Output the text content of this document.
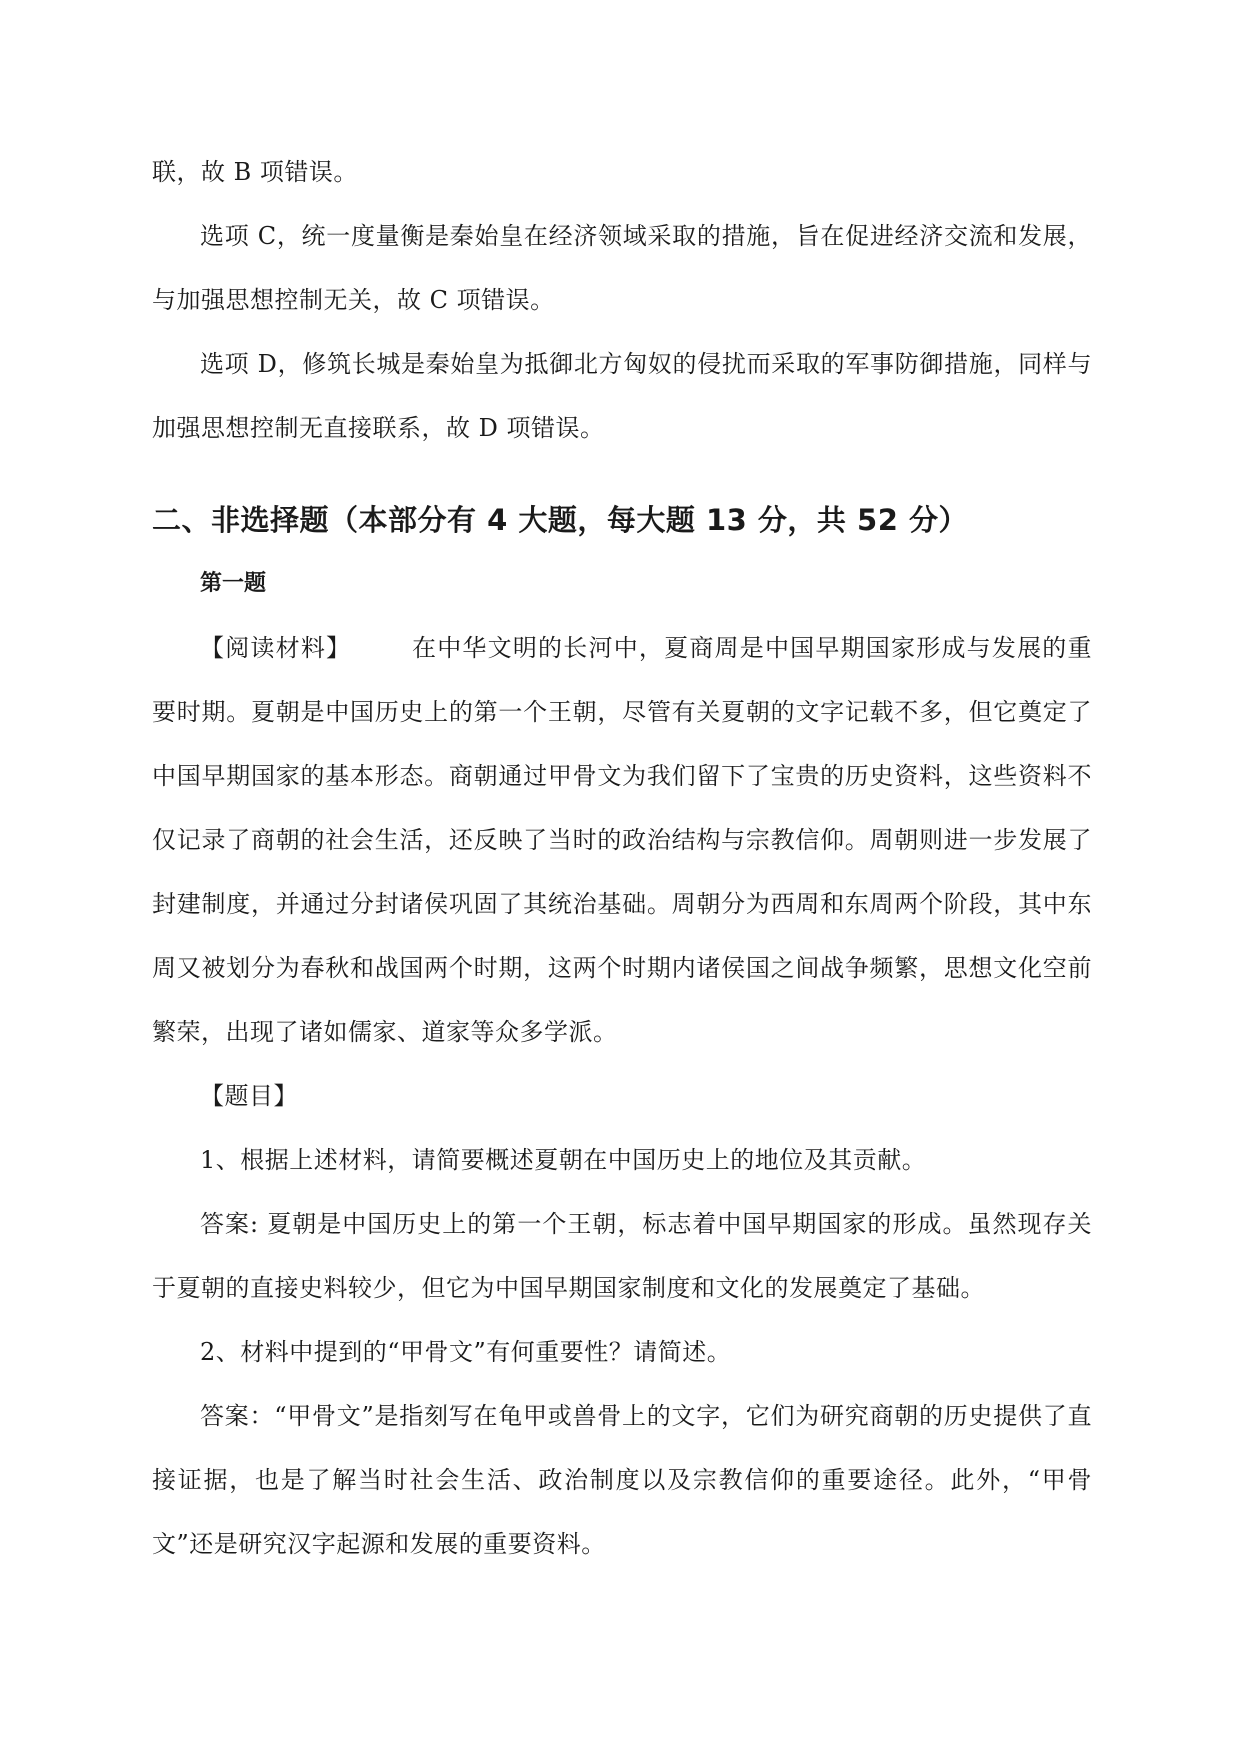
联，故 B 项错误。

选项 C，统一度量衡是秦始皇在经济领域采取的措施，旨在促进经济交流和发展，与加强思想控制无关，故 C 项错误。

选项 D，修筑长城是秦始皇为抵御北方匈奴的侵扰而采取的军事防御措施，同样与加强思想控制无直接联系，故 D 项错误。

二、非选择题（本部分有 4 大题，每大题 13 分，共 52 分）
第一题

【阅读材料】	在中华文明的长河中，夏商周是中国早期国家形成与发展的重要时期。夏朝是中国历史上的第一个王朝，尽管有关夏朝的文字记载不多，但它奠定了中国早期国家的基本形态。商朝通过甲骨文为我们留下了宝贵的历史资料，这些资料不仅记录了商朝的社会生活，还反映了当时的政治结构与宗教信仰。周朝则进一步发展了封建制度，并通过分封诸侯巩固了其统治基础。周朝分为西周和东周两个阶段，其中东周又被划分为春秋和战国两个时期，这两个时期内诸侯国之间战争频繁，思想文化空前繁荣，出现了诸如儒家、道家等众多学派。

【题目】

1、根据上述材料，请简要概述夏朝在中国历史上的地位及其贡献。

答案: 夏朝是中国历史上的第一个王朝，标志着中国早期国家的形成。虽然现存关于夏朝的直接史料较少，但它为中国早期国家制度和文化的发展奠定了基础。

2、材料中提到的“甲骨文”有何重要性？请简述。

答案：“甲骨文”是指刻写在龟甲或兽骨上的文字，它们为研究商朝的历史提供了直接证据，也是了解当时社会生活、政治制度以及宗教信仰的重要途径。此外，“甲骨文”还是研究汉字起源和发展的重要资料。
